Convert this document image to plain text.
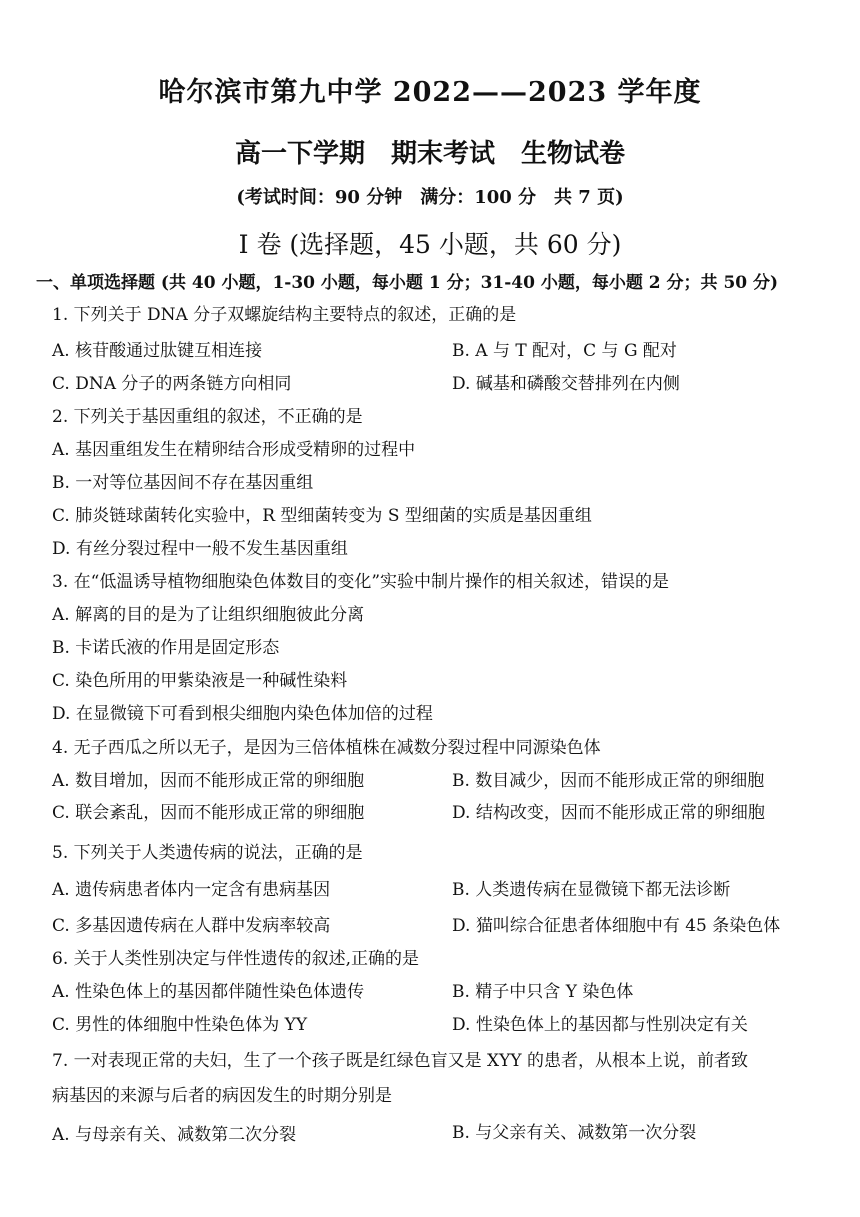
哈尔滨市第九中学 2022——2023 学年度
高一下学期　期末考试　生物试卷
(考试时间：90 分钟　满分：100 分　共 7 页)
I 卷 (选择题，45 小题，共 60 分)
一、单项选择题 (共 40 小题，1-30 小题，每小题 1 分；31-40 小题，每小题 2 分；共 50 分)
1. 下列关于 DNA 分子双螺旋结构主要特点的叙述，正确的是
A. 核苷酸通过肽键互相连接	B. A 与 T 配对，C 与 G 配对
C. DNA 分子的两条链方向相同	D. 碱基和磷酸交替排列在内侧
2. 下列关于基因重组的叙述，不正确的是
A. 基因重组发生在精卵结合形成受精卵的过程中
B. 一对等位基因间不存在基因重组
C. 肺炎链球菌转化实验中，R 型细菌转变为 S 型细菌的实质是基因重组
D. 有丝分裂过程中一般不发生基因重组
3. 在“低温诱导植物细胞染色体数目的变化”实验中制片操作的相关叙述，错误的是
A. 解离的目的是为了让组织细胞彼此分离
B. 卡诺氏液的作用是固定形态
C. 染色所用的甲紫染液是一种碱性染料
D. 在显微镜下可看到根尖细胞内染色体加倍的过程
4. 无子西瓜之所以无子，是因为三倍体植株在减数分裂过程中同源染色体
A. 数目增加，因而不能形成正常的卵细胞	B. 数目减少，因而不能形成正常的卵细胞
C. 联会紊乱，因而不能形成正常的卵细胞	D. 结构改变，因而不能形成正常的卵细胞
5. 下列关于人类遗传病的说法，正确的是
A. 遗传病患者体内一定含有患病基因	B. 人类遗传病在显微镜下都无法诊断
C. 多基因遗传病在人群中发病率较高	D. 猫叫综合征患者体细胞中有 45 条染色体
6. 关于人类性别决定与伴性遗传的叙述,正确的是
A. 性染色体上的基因都伴随性染色体遗传	B. 精子中只含 Y 染色体
C. 男性的体细胞中性染色体为 YY	D. 性染色体上的基因都与性别决定有关
7. 一对表现正常的夫妇，生了一个孩子既是红绿色盲又是 XYY 的患者，从根本上说，前者致
病基因的来源与后者的病因发生的时期分别是
A. 与母亲有关、减数第二次分裂	B. 与父亲有关、减数第一次分裂
